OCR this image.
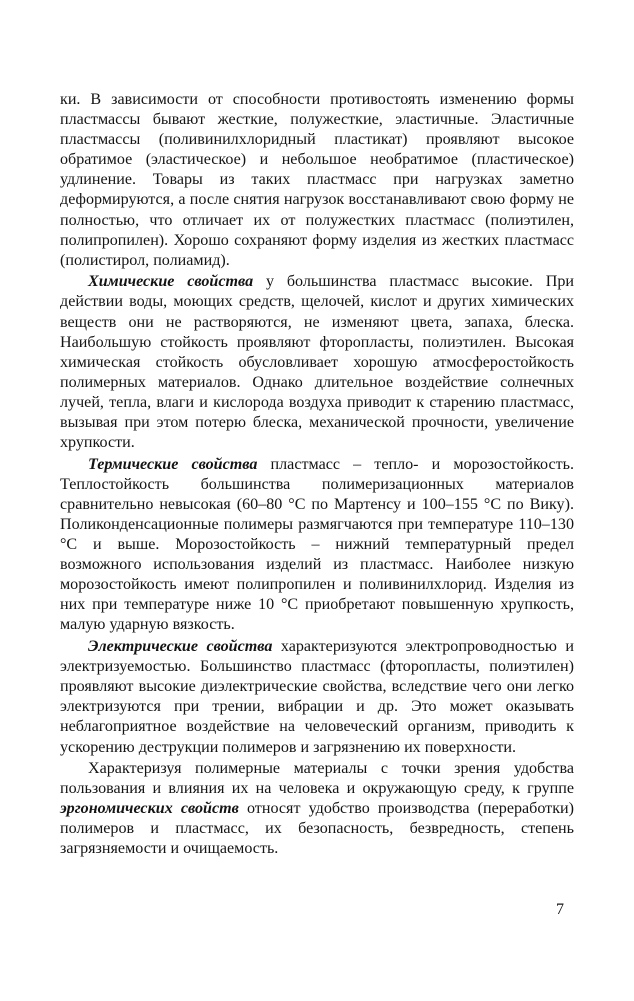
ки. В зависимости от способности противостоять изменению формы пластмассы бывают жесткие, полужесткие, эластичные. Эластичные пластмассы (поливинилхлоридный пластикат) проявляют высокое обратимое (эластическое) и небольшое необратимое (пластическое) удлинение. Товары из таких пластмасс при нагрузках заметно деформируются, а после снятия нагрузок восстанавливают свою форму не полностью, что отличает их от полужестких пластмасс (полиэтилен, полипропилен). Хорошо сохраняют форму изделия из жестких пластмасс (полистирол, полиамид).

Химические свойства у большинства пластмасс высокие. При действии воды, моющих средств, щелочей, кислот и других химических веществ они не растворяются, не изменяют цвета, запаха, блеска. Наибольшую стойкость проявляют фторопласты, полиэтилен. Высокая химическая стойкость обусловливает хорошую атмосферостойкость полимерных материалов. Однако длительное воздействие солнечных лучей, тепла, влаги и кислорода воздуха приводит к старению пластмасс, вызывая при этом потерю блеска, механической прочности, увеличение хрупкости.

Термические свойства пластмасс – тепло- и морозостойкость. Теплостойкость большинства полимеризационных материалов сравнительно невысокая (60–80 °С по Мартенсу и 100–155 °С по Вику). Поликонденсационные полимеры размягчаются при температуре 110–130 °С и выше. Морозостойкость – нижний температурный предел возможного использования изделий из пластмасс. Наиболее низкую морозостойкость имеют полипропилен и поливинилхлорид. Изделия из них при температуре ниже 10 °С приобретают повышенную хрупкость, малую ударную вязкость.

Электрические свойства характеризуются электропроводностью и электризуемостью. Большинство пластмасс (фторопласты, полиэтилен) проявляют высокие диэлектрические свойства, вследствие чего они легко электризуются при трении, вибрации и др. Это может оказывать неблагоприятное воздействие на человеческий организм, приводить к ускорению деструкции полимеров и загрязнению их поверхности.

Характеризуя полимерные материалы с точки зрения удобства пользования и влияния их на человека и окружающую среду, к группе эргономических свойств относят удобство производства (переработки) полимеров и пластмасс, их безопасность, безвредность, степень загрязняемости и очищаемость.

7
